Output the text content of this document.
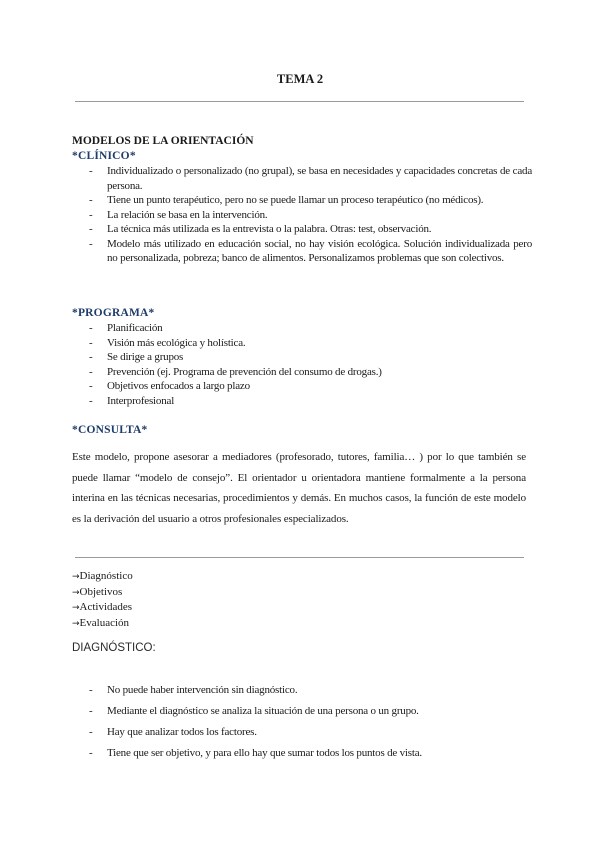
TEMA 2
MODELOS DE LA ORIENTACIÓN
*CLÍNICO*
- Individualizado o personalizado (no grupal), se basa en necesidades y capacidades concretas de cada persona.
- Tiene un punto terapéutico, pero no se puede llamar un proceso terapéutico (no médicos).
- La relación se basa en la intervención.
- La técnica más utilizada es la entrevista o la palabra. Otras: test, observación.
- Modelo más utilizado en educación social, no hay visión ecológica. Solución individualizada pero no personalizada, pobreza; banco de alimentos. Personalizamos problemas que son colectivos.
*PROGRAMA*
- Planificación
- Visión más ecológica y holística.
- Se dirige a grupos
- Prevención (ej. Programa de prevención del consumo de drogas.)
- Objetivos enfocados a largo plazo
- Interprofesional
*CONSULTA*
Este modelo, propone asesorar a mediadores (profesorado, tutores, familia… ) por lo que también se puede llamar “modelo de consejo”. El orientador u orientadora mantiene formalmente a la persona interina en las técnicas necesarias, procedimientos y demás. En muchos casos, la función de este modelo es la derivación del usuario a otros profesionales especializados.
→Diagnóstico
→Objetivos
→Actividades
→Evaluación
DIAGNÓSTICO:
- No puede haber intervención sin diagnóstico.
- Mediante el diagnóstico se analiza la situación de una persona o un grupo.
- Hay que analizar todos los factores.
- Tiene que ser objetivo, y para ello hay que sumar todos los puntos de vista.
